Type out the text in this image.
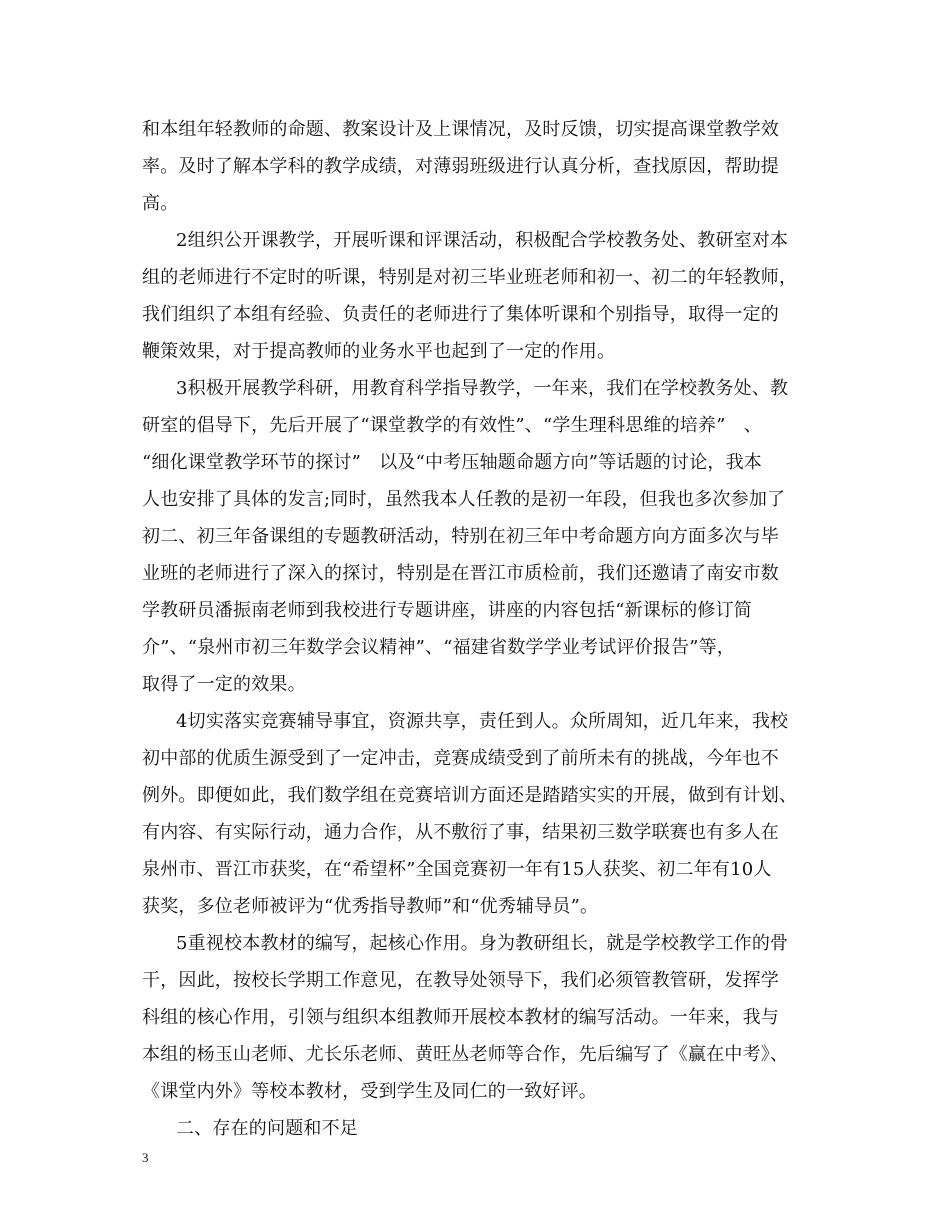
和本组年轻教师的命题、教案设计及上课情况，及时反馈，切实提高课堂教学效
率。及时了解本学科的教学成绩，对薄弱班级进行认真分析，查找原因，帮助提
高。
2组织公开课教学，开展听课和评课活动，积极配合学校教务处、教研室对本
组的老师进行不定时的听课，特别是对初三毕业班老师和初一、初二的年轻教师，
我们组织了本组有经验、负责任的老师进行了集体听课和个别指导，取得一定的
鞭策效果，对于提高教师的业务水平也起到了一定的作用。
3积极开展教学科研，用教育科学指导教学，一年来，我们在学校教务处、教
研室的倡导下，先后开展了“课堂教学的有效性”、“学生理科思维的培养”　、
“细化课堂教学环节的探讨”　以及“中考压轴题命题方向”等话题的讨论，我本
人也安排了具体的发言;同时，虽然我本人任教的是初一年段，但我也多次参加了
初二、初三年备课组的专题教研活动，特别在初三年中考命题方向方面多次与毕
业班的老师进行了深入的探讨，特别是在晋江市质检前，我们还邀请了南安市数
学教研员潘振南老师到我校进行专题讲座，讲座的内容包括“新课标的修订简
介”、“泉州市初三年数学会议精神”、“福建省数学学业考试评价报告”等，
取得了一定的效果。
4切实落实竞赛辅导事宜，资源共享，责任到人。众所周知，近几年来，我校
初中部的优质生源受到了一定冲击，竞赛成绩受到了前所未有的挑战，今年也不
例外。即便如此，我们数学组在竞赛培训方面还是踏踏实实的开展，做到有计划、
有内容、有实际行动，通力合作，从不敷衍了事，结果初三数学联赛也有多人在
泉州市、晋江市获奖，在“希望杯”全国竞赛初一年有15人获奖、初二年有10人
获奖，多位老师被评为“优秀指导教师”和“优秀辅导员”。
5重视校本教材的编写，起核心作用。身为教研组长，就是学校教学工作的骨
干，因此，按校长学期工作意见，在教导处领导下，我们必须管教管研，发挥学
科组的核心作用，引领与组织本组教师开展校本教材的编写活动。一年来，我与
本组的杨玉山老师、尤长乐老师、黄旺丛老师等合作，先后编写了《赢在中考》、
《课堂内外》等校本教材，受到学生及同仁的一致好评。
二、存在的问题和不足
3
